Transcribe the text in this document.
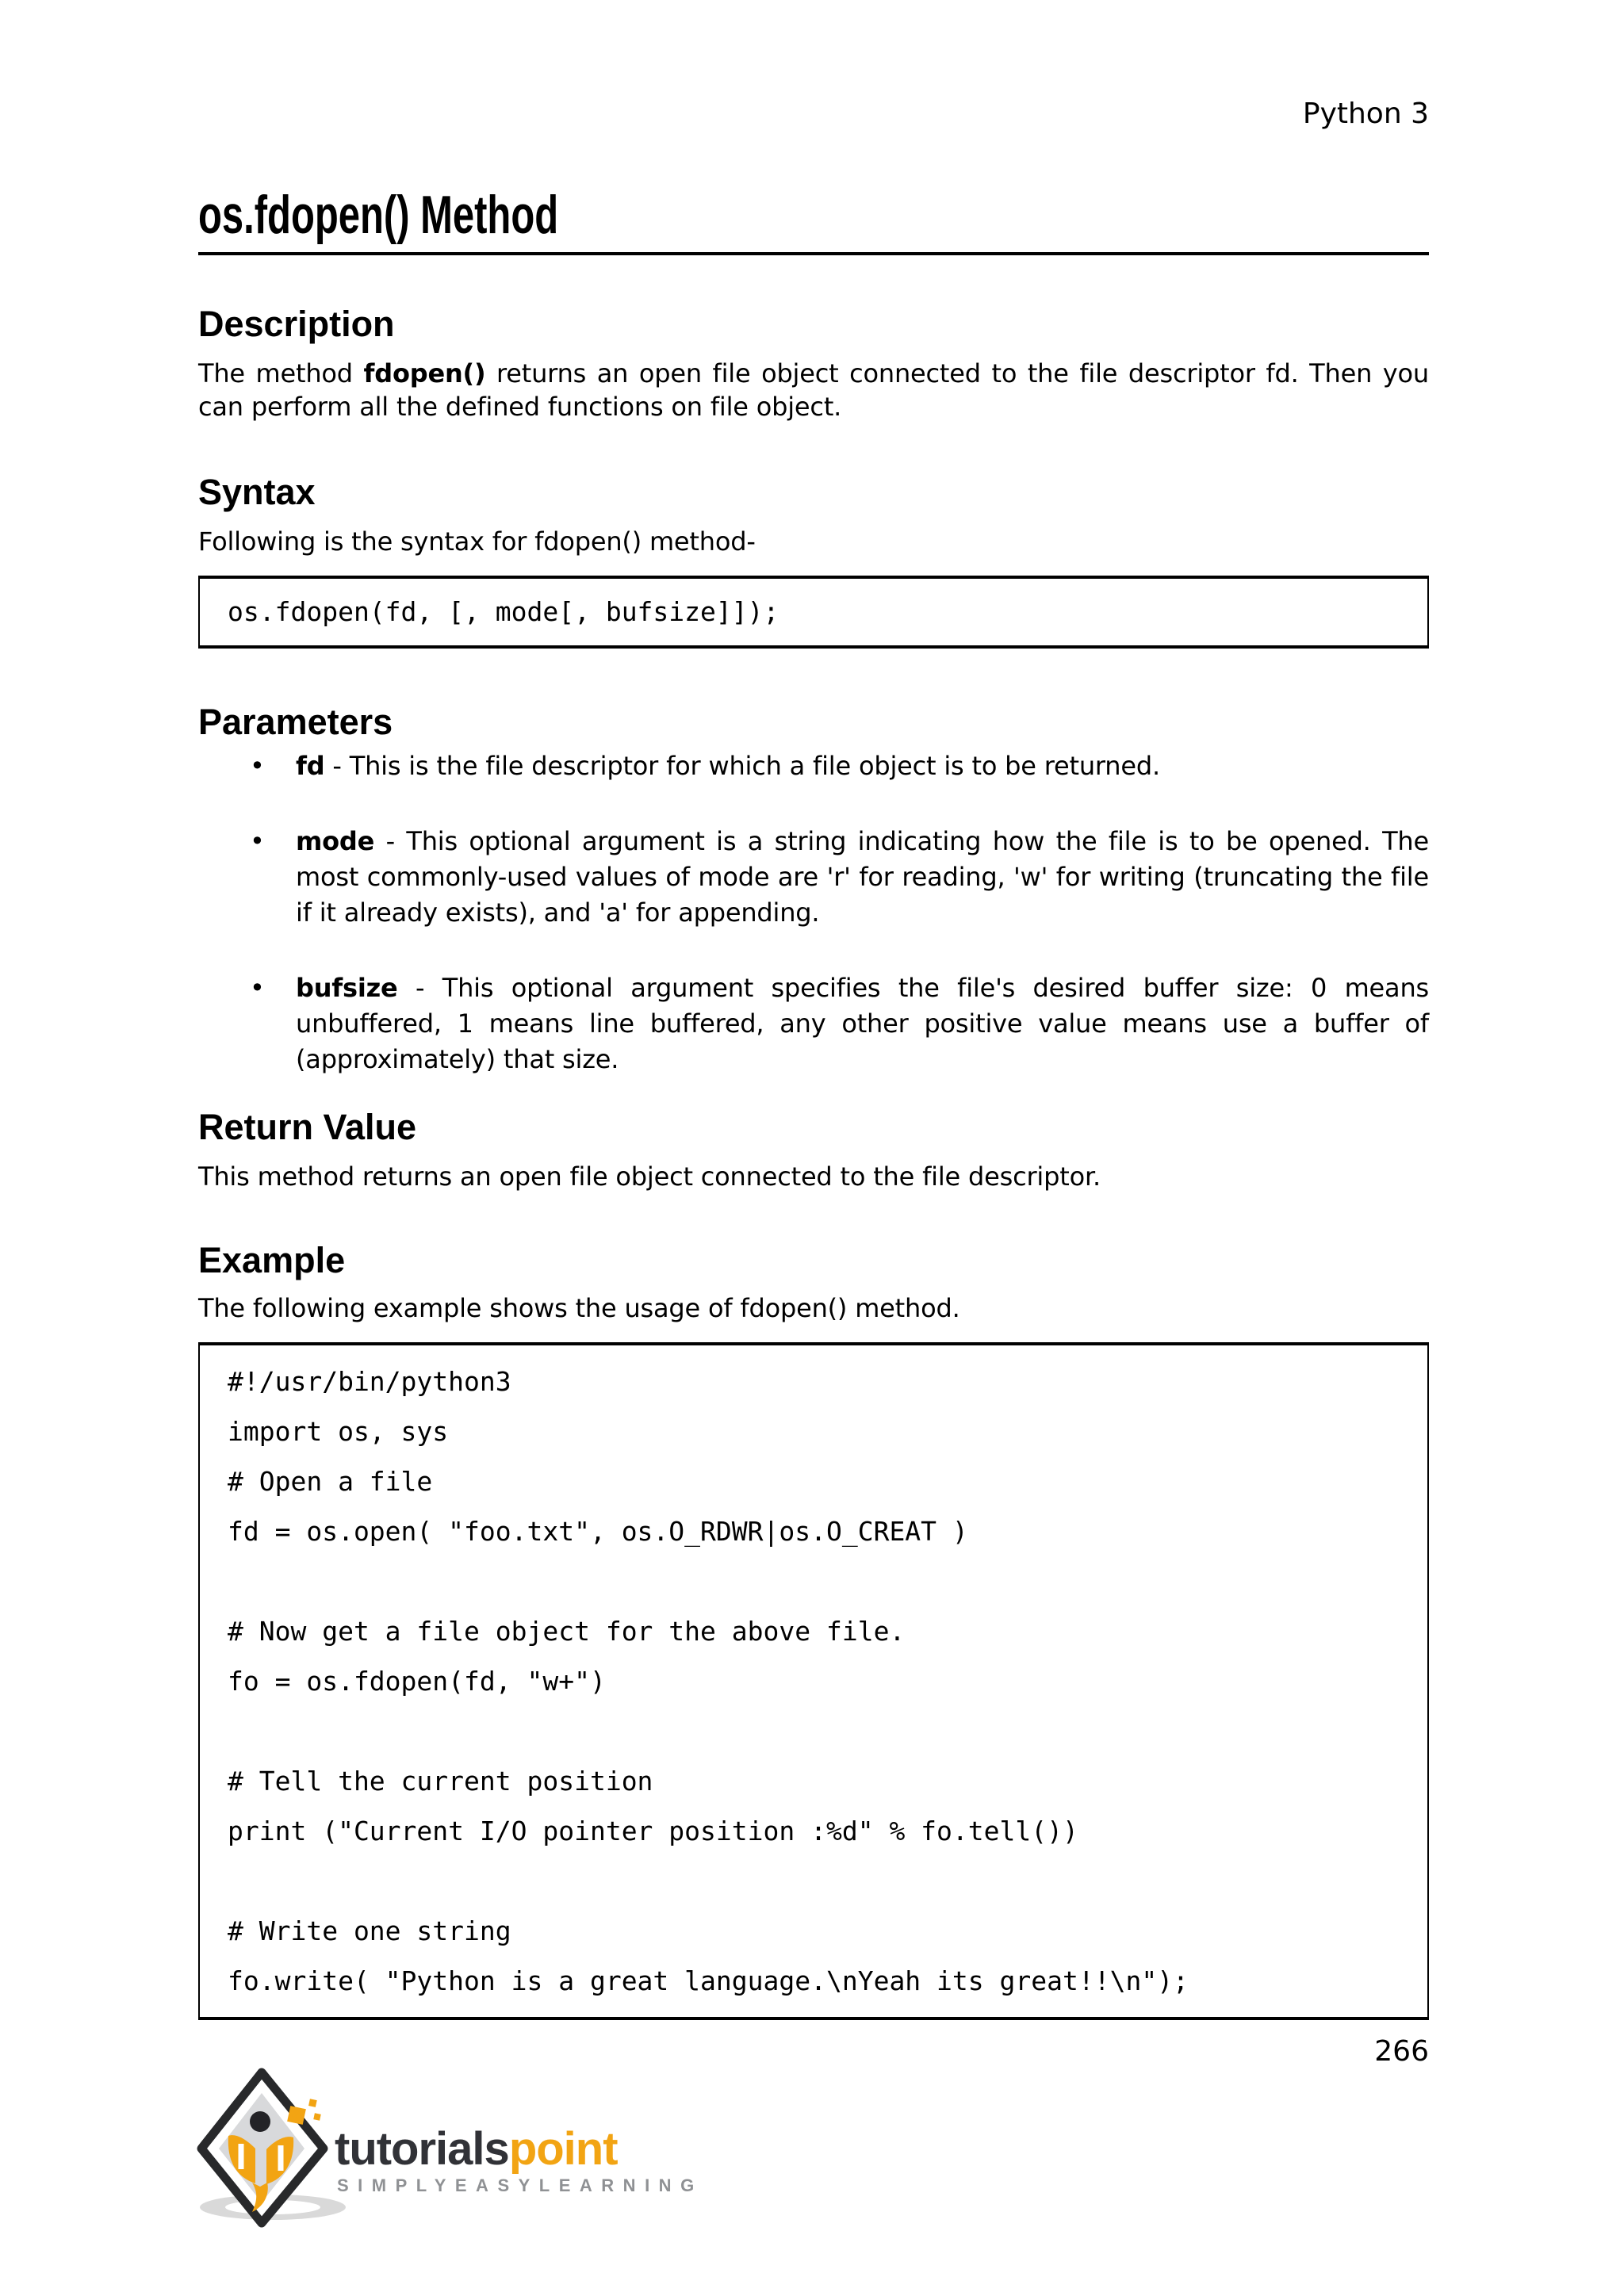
Python 3
os.fdopen() Method
Description
The method fdopen() returns an open file object connected to the file descriptor fd. Then you can perform all the defined functions on file object.
Syntax
Following is the syntax for fdopen() method-
os.fdopen(fd, [, mode[, bufsize]]);
Parameters
•	fd - This is the file descriptor for which a file object is to be returned.
•	mode - This optional argument is a string indicating how the file is to be opened. The most commonly-used values of mode are 'r' for reading, 'w' for writing (truncating the file if it already exists), and 'a' for appending.
•	bufsize - This optional argument specifies the file's desired buffer size: 0 means unbuffered, 1 means line buffered, any other positive value means use a buffer of (approximately) that size.
Return Value
This method returns an open file object connected to the file descriptor.
Example
The following example shows the usage of fdopen() method.
#!/usr/bin/python3
import os, sys
# Open a file
fd = os.open( "foo.txt", os.O_RDWR|os.O_CREAT )
# Now get a file object for the above file.
fo = os.fdopen(fd, "w+")
# Tell the current position
print ("Current I/O pointer position :%d" % fo.tell())
# Write one string
fo.write( "Python is a great language.\nYeah its great!!\n");
266
tutorialspoint
SIMPLYEASYLEARNING
